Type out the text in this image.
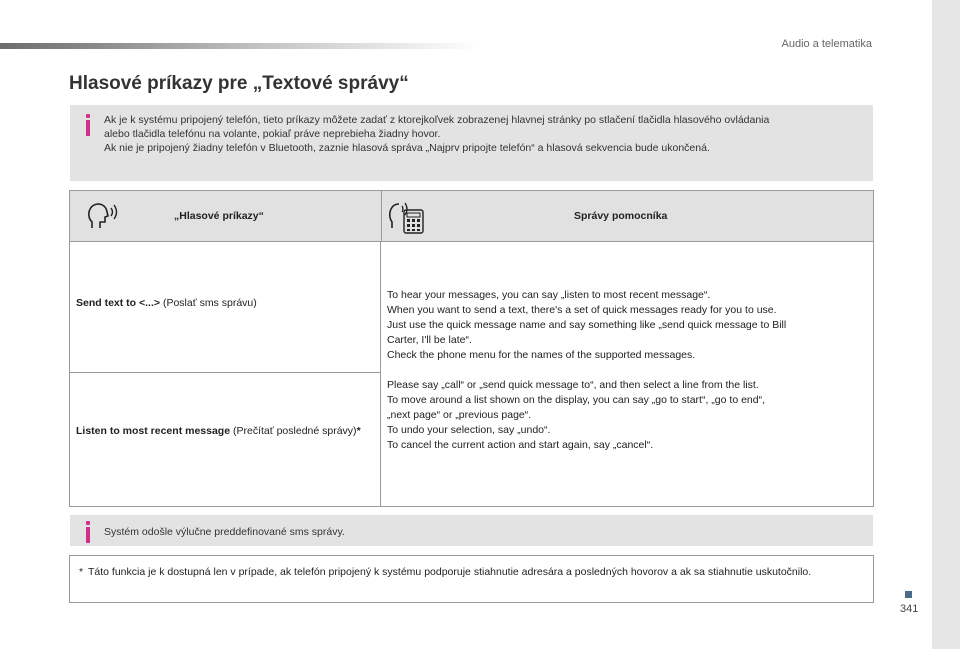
Audio a telematika
Hlasové príkazy pre „Textové správy“
Ak je k systému pripojený telefón, tieto príkazy môžete zadať z ktorejkoľvek zobrazenej hlavnej stránky po stlačení tlačidla hlasového ovládania
alebo tlačidla telefónu na volante, pokiaľ práve neprebieha žiadny hovor.
Ak nie je pripojený žiadny telefón v Bluetooth, zaznie hlasová správa „Najprv pripojte telefón“ a hlasová sekvencia bude ukončená.
„Hlasové príkazy“	Správy pomocníka
Send text to <...> (Poslať sms správu)
Listen to most recent message (Prečítať posledné správy)*
To hear your messages, you can say „listen to most recent message“.
When you want to send a text, there's a set of quick messages ready for you to use.
Just use the quick message name and say something like „send quick message to Bill
Carter, I'll be late“.
Check the phone menu for the names of the supported messages.
Please say „call“ or „send quick message to“, and then select a line from the list.
To move around a list shown on the display, you can say „go to start“, „go to end“,
„next page“ or „previous page“.
To undo your selection, say „undo“.
To cancel the current action and start again, say „cancel“.
Systém odošle výlučne preddefinované sms správy.
* Táto funkcia je k dostupná len v prípade, ak telefón pripojený k systému podporuje stiahnutie adresára a posledných hovorov a ak sa stiahnutie uskutočnilo.
341
